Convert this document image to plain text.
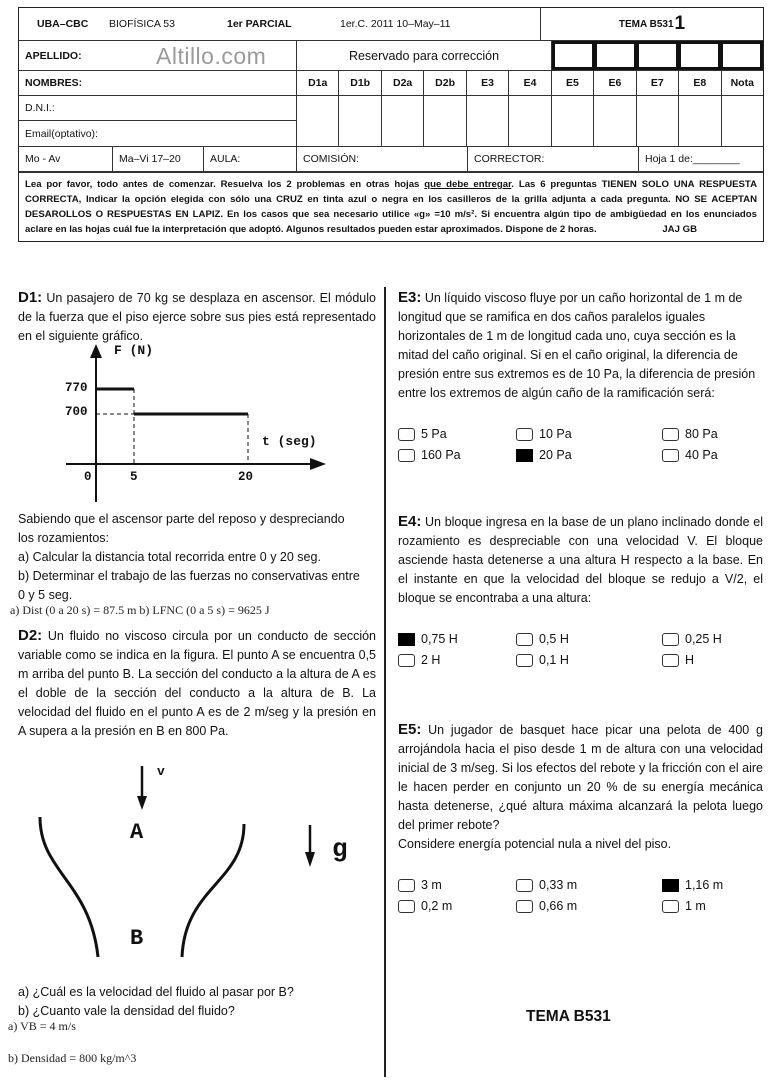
UBA–CBC	BIOFÍSICA 53	1er PARCIAL	1er.C. 2011 10–May–11	TEMA B531 1
APELLIDO:	Altillo.com
NOMBRES:
D.N.I.:
Email(optativo):
Reservado para corrección
D1a	D1b	D2a	D2b	E3	E4	E5	E6	E7	E8	Nota
Mo - Av	Ma–Vi 17–20	AULA:	COMISIÓN:	CORRECTOR:	Hoja 1 de:________
Lea por favor, todo antes de comenzar. Resuelva los 2 problemas en otras hojas que debe entregar. Las 6 preguntas TIENEN SOLO UNA RESPUESTA CORRECTA, Indicar la opción elegida con sólo una CRUZ en tinta azul o negra en los casilleros de la grilla adjunta a cada pregunta. NO SE ACEPTAN DESAROLLOS O RESPUESTAS EN LAPIZ. En los casos que sea necesario utilice «g» =10 m/s². Si encuentra algún tipo de ambigüedad en los enunciados aclare en las hojas cuál fue la interpretación que adoptó. Algunos resultados pueden estar aproximados. Dispone de 2 horas.	JAJ GB
D1: Un pasajero de 70 kg se desplaza en ascensor. El módulo de la fuerza que el piso ejerce sobre sus pies está representado en el siguiente gráfico.
F (N)
770
700
t (seg)
0	5	20
Sabiendo que el ascensor parte del reposo y despreciando los rozamientos:
a) Calcular la distancia total recorrida entre 0 y 20 seg.
b) Determinar el trabajo de las fuerzas no conservativas entre 0 y 5 seg.
a) Dist (0 a 20 s) = 87.5 m b) LFNC (0 a 5 s) = 9625 J
D2: Un fluido no viscoso circula por un conducto de sección variable como se indica en la figura. El punto A se encuentra 0,5 m arriba del punto B. La sección del conducto a la altura de A es el doble de la sección del conducto a la altura de B. La velocidad del fluido en el punto A es de 2 m/seg y la presión en A supera a la presión en B en 800 Pa.
v
A
g
B
a) ¿Cuál es la velocidad del fluido al pasar por B?
b) ¿Cuanto vale la densidad del fluido?
a) VB = 4 m/s
b) Densidad = 800 kg/m^3
E3: Un líquido viscoso fluye por un caño horizontal de 1 m de longitud que se ramifica en dos caños paralelos iguales horizontales de 1 m de longitud cada uno, cuya sección es la mitad del caño original. Si en el caño original, la diferencia de presión entre sus extremos es de 10 Pa, la diferencia de presión entre los extremos de algún caño de la ramificación será:
5 Pa	10 Pa	80 Pa
160 Pa	20 Pa	40 Pa
E4: Un bloque ingresa en la base de un plano inclinado donde el rozamiento es despreciable con una velocidad V. El bloque asciende hasta detenerse a una altura H respecto a la base. En el instante en que la velocidad del bloque se redujo a V/2, el bloque se encontraba a una altura:
0,75 H	0,5 H	0,25 H
2 H	0,1 H	H
E5: Un jugador de basquet hace picar una pelota de 400 g arrojándola hacia el piso desde 1 m de altura con una velocidad inicial de 3 m/seg. Si los efectos del rebote y la fricción con el aire le hacen perder en conjunto un 20 % de su energía mecánica hasta detenerse, ¿qué altura máxima alcanzará la pelota luego del primer rebote?
Considere energía potencial nula a nivel del piso.
3 m	0,33 m	1,16 m
0,2 m	0,66 m	1 m
TEMA B531
